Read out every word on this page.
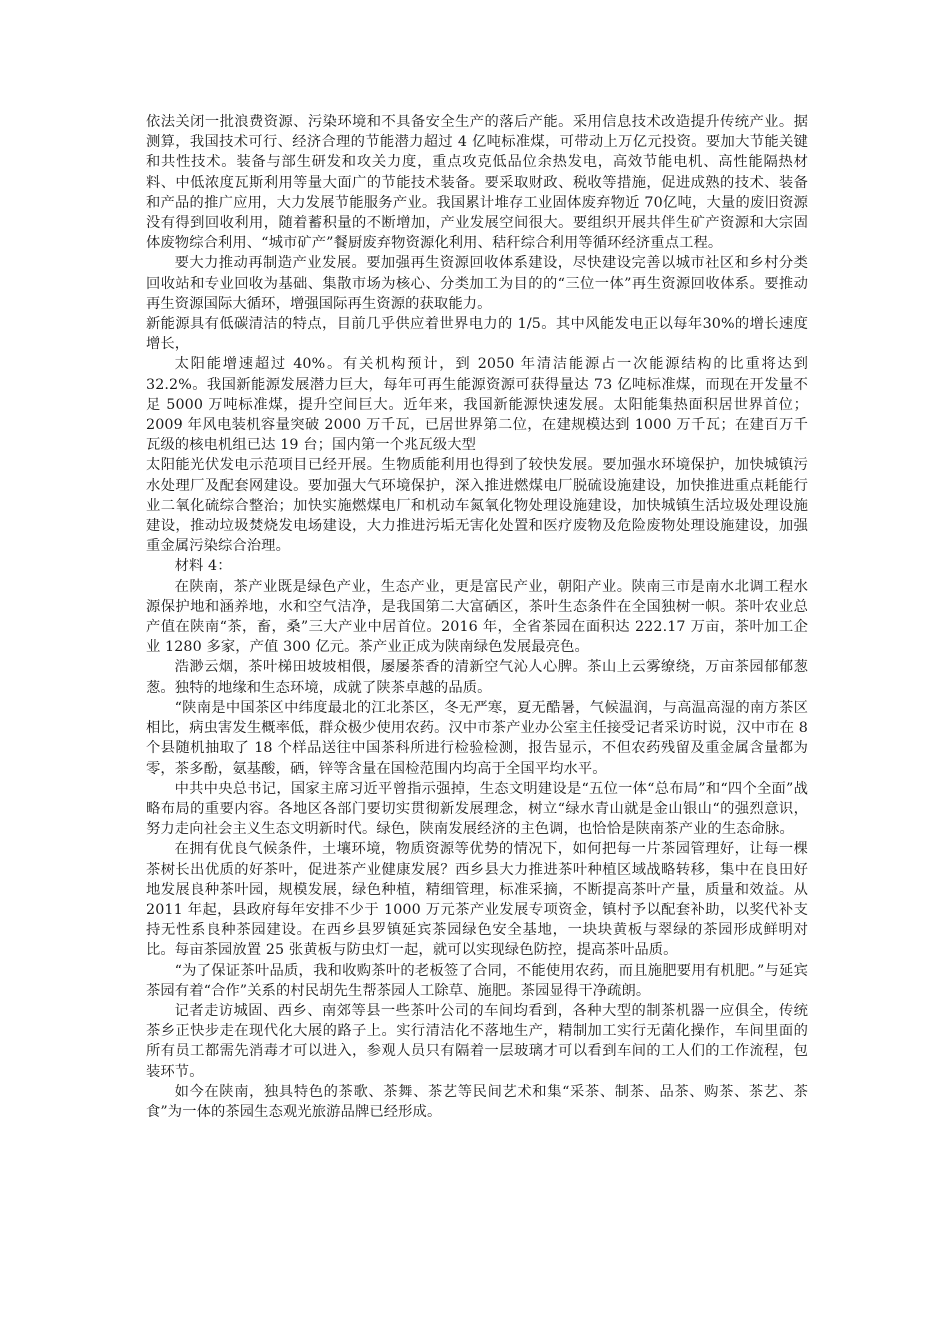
依法关闭一批浪费资源、污染环境和不具备安全生产的落后产能。采用信息技术改造提升传统产业。据测算，我国技术可行、经济合理的节能潜力超过 4 亿吨标准煤，可带动上万亿元投资。要加大节能关键和共性技术。装备与部生研发和攻关力度，重点攻克低品位余热发电，高效节能电机、高性能隔热材料、中低浓度瓦斯利用等量大面广的节能技术装备。要采取财政、税收等措施，促进成熟的技术、装备和产品的推广应用，大力发展节能服务产业。我国累计堆存工业固体废弃物近 70亿吨，大量的废旧资源没有得到回收利用，随着蓄积量的不断增加，产业发展空间很大。要组织开展共伴生矿产资源和大宗固体废物综合利用、“城市矿产”餐厨废弃物资源化利用、秸秆综合利用等循环经济重点工程。

要大力推动再制造产业发展。要加强再生资源回收体系建设，尽快建设完善以城市社区和乡村分类回收站和专业回收为基础、集散市场为核心、分类加工为目的的“三位一体”再生资源回收体系。要推动再生资源国际大循环，增强国际再生资源的获取能力。

新能源具有低碳清洁的特点，目前几乎供应着世界电力的 1/5。其中风能发电正以每年30%的增长速度增长，

太阳能增速超过 40%。有关机构预计，到 2050 年清洁能源占一次能源结构的比重将达到 32.2%。我国新能源发展潜力巨大，每年可再生能源资源可获得量达 73 亿吨标准煤，而现在开发量不足 5000 万吨标准煤，提升空间巨大。近年来，我国新能源快速发展。太阳能集热面积居世界首位；2009 年风电装机容量突破 2000 万千瓦，已居世界第二位，在建规模达到 1000 万千瓦；在建百万千瓦级的核电机组已达 19 台；国内第一个兆瓦级大型

太阳能光伏发电示范项目已经开展。生物质能利用也得到了较快发展。要加强水环境保护，加快城镇污水处理厂及配套网建设。要加强大气环境保护，深入推进燃煤电厂脱硫设施建设，加快推进重点耗能行业二氧化硫综合整治；加快实施燃煤电厂和机动车氮氧化物处理设施建设，加快城镇生活垃圾处理设施建设，推动垃圾焚烧发电场建设，大力推进污垢无害化处置和医疗废物及危险废物处理设施建设，加强重金属污染综合治理。

材料 4：

在陕南，茶产业既是绿色产业，生态产业，更是富民产业，朝阳产业。陕南三市是南水北调工程水源保护地和涵养地，水和空气洁净，是我国第二大富硒区，茶叶生态条件在全国独树一帜。茶叶农业总产值在陕南“茶，畜，桑”三大产业中居首位。2016 年，全省茶园在面积达 222.17 万亩，茶叶加工企业 1280 多家，产值 300 亿元。茶产业正成为陕南绿色发展最亮色。

浩渺云烟，茶叶梯田坡坡相偎，屡屡茶香的清新空气沁人心脾。茶山上云雾缭绕，万亩茶园郁郁葱葱。独特的地缘和生态环境，成就了陕茶卓越的品质。

“陕南是中国茶区中纬度最北的江北茶区，冬无严寒，夏无酷暑，气候温润，与高温高湿的南方茶区相比，病虫害发生概率低，群众极少使用农药。汉中市茶产业办公室主任接受记者采访时说，汉中市在 8 个县随机抽取了 18 个样品送往中国茶科所进行检验检测，报告显示，不但农药残留及重金属含量都为零，茶多酚，氨基酸，硒，锌等含量在国检范围内均高于全国平均水平。

中共中央总书记，国家主席习近平曾指示强掉，生态文明建设是“五位一体“总布局”和“四个全面”战略布局的重要内容。各地区各部门要切实贯彻新发展理念，树立“绿水青山就是金山银山“的强烈意识，努力走向社会主义生态文明新时代。绿色，陕南发展经济的主色调，也恰恰是陕南茶产业的生态命脉。

在拥有优良气候条件，土壤环境，物质资源等优势的情况下，如何把每一片茶园管理好，让每一棵茶树长出优质的好茶叶，促进茶产业健康发展？西乡县大力推进茶叶种植区域战略转移，集中在良田好地发展良种茶叶园，规模发展，绿色种植，精细管理，标准采摘，不断提高茶叶产量，质量和效益。从 2011 年起，县政府每年安排不少于 1000 万元茶产业发展专项资金，镇村予以配套补助，以奖代补支持无性系良种茶园建设。在西乡县罗镇延宾茶园绿色安全基地，一块块黄板与翠绿的茶园形成鲜明对比。每亩茶园放置 25 张黄板与防虫灯一起，就可以实现绿色防控，提高茶叶品质。

“为了保证茶叶品质，我和收购茶叶的老板签了合同，不能使用农药，而且施肥要用有机肥。”与延宾茶园有着“合作”关系的村民胡先生帮茶园人工除草、施肥。茶园显得干净疏朗。

记者走访城固、西乡、南郊等县一些茶叶公司的车间均看到，各种大型的制茶机器一应俱全，传统茶乡正快步走在现代化大展的路子上。实行清洁化不落地生产，精制加工实行无菌化操作，车间里面的所有员工都需先消毒才可以进入，参观人员只有隔着一层玻璃才可以看到车间的工人们的工作流程，包装环节。

如今在陕南，独具特色的茶歌、茶舞、茶艺等民间艺术和集“采茶、制茶、品茶、购茶、茶艺、茶食”为一体的茶园生态观光旅游品牌已经形成。
